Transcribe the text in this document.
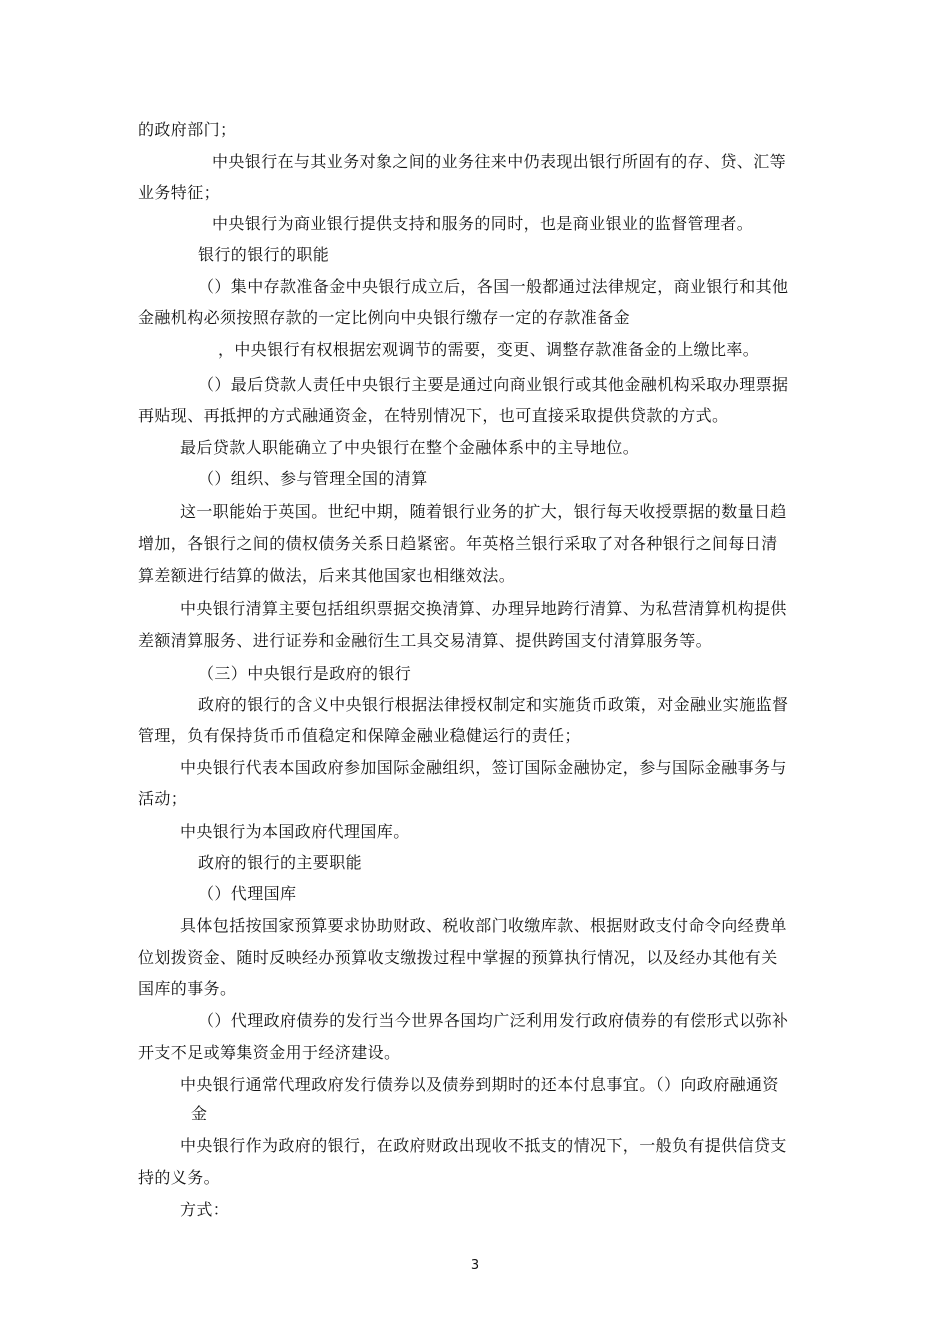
的政府部门；
中央银行在与其业务对象之间的业务往来中仍表现出银行所固有的存、贷、汇等
业务特征；
中央银行为商业银行提供支持和服务的同时，也是商业银业的监督管理者。
银行的银行的职能
（）集中存款准备金中央银行成立后，各国一般都通过法律规定，商业银行和其他
金融机构必须按照存款的一定比例向中央银行缴存一定的存款准备金
，中央银行有权根据宏观调节的需要，变更、调整存款准备金的上缴比率。
（）最后贷款人责任中央银行主要是通过向商业银行或其他金融机构采取办理票据
再贴现、再抵押的方式融通资金，在特别情况下，也可直接采取提供贷款的方式。
最后贷款人职能确立了中央银行在整个金融体系中的主导地位。
（）组织、参与管理全国的清算
这一职能始于英国。世纪中期，随着银行业务的扩大，银行每天收授票据的数量日趋
增加，各银行之间的债权债务关系日趋紧密。年英格兰银行采取了对各种银行之间每日清
算差额进行结算的做法，后来其他国家也相继效法。
中央银行清算主要包括组织票据交换清算、办理异地跨行清算、为私营清算机构提供
差额清算服务、进行证券和金融衍生工具交易清算、提供跨国支付清算服务等。
（三）中央银行是政府的银行
政府的银行的含义中央银行根据法律授权制定和实施货币政策，对金融业实施监督
管理，负有保持货币币值稳定和保障金融业稳健运行的责任；
中央银行代表本国政府参加国际金融组织，签订国际金融协定，参与国际金融事务与
活动；
中央银行为本国政府代理国库。
政府的银行的主要职能
（）代理国库
具体包括按国家预算要求协助财政、税收部门收缴库款、根据财政支付命令向经费单
位划拨资金、随时反映经办预算收支缴拨过程中掌握的预算执行情况，以及经办其他有关
国库的事务。
（）代理政府债券的发行当今世界各国均广泛利用发行政府债券的有偿形式以弥补
开支不足或筹集资金用于经济建设。
中央银行通常代理政府发行债券以及债券到期时的还本付息事宜。（）向政府融通资
金
中央银行作为政府的银行，在政府财政出现收不抵支的情况下，一般负有提供信贷支
持的义务。
方式：
3
